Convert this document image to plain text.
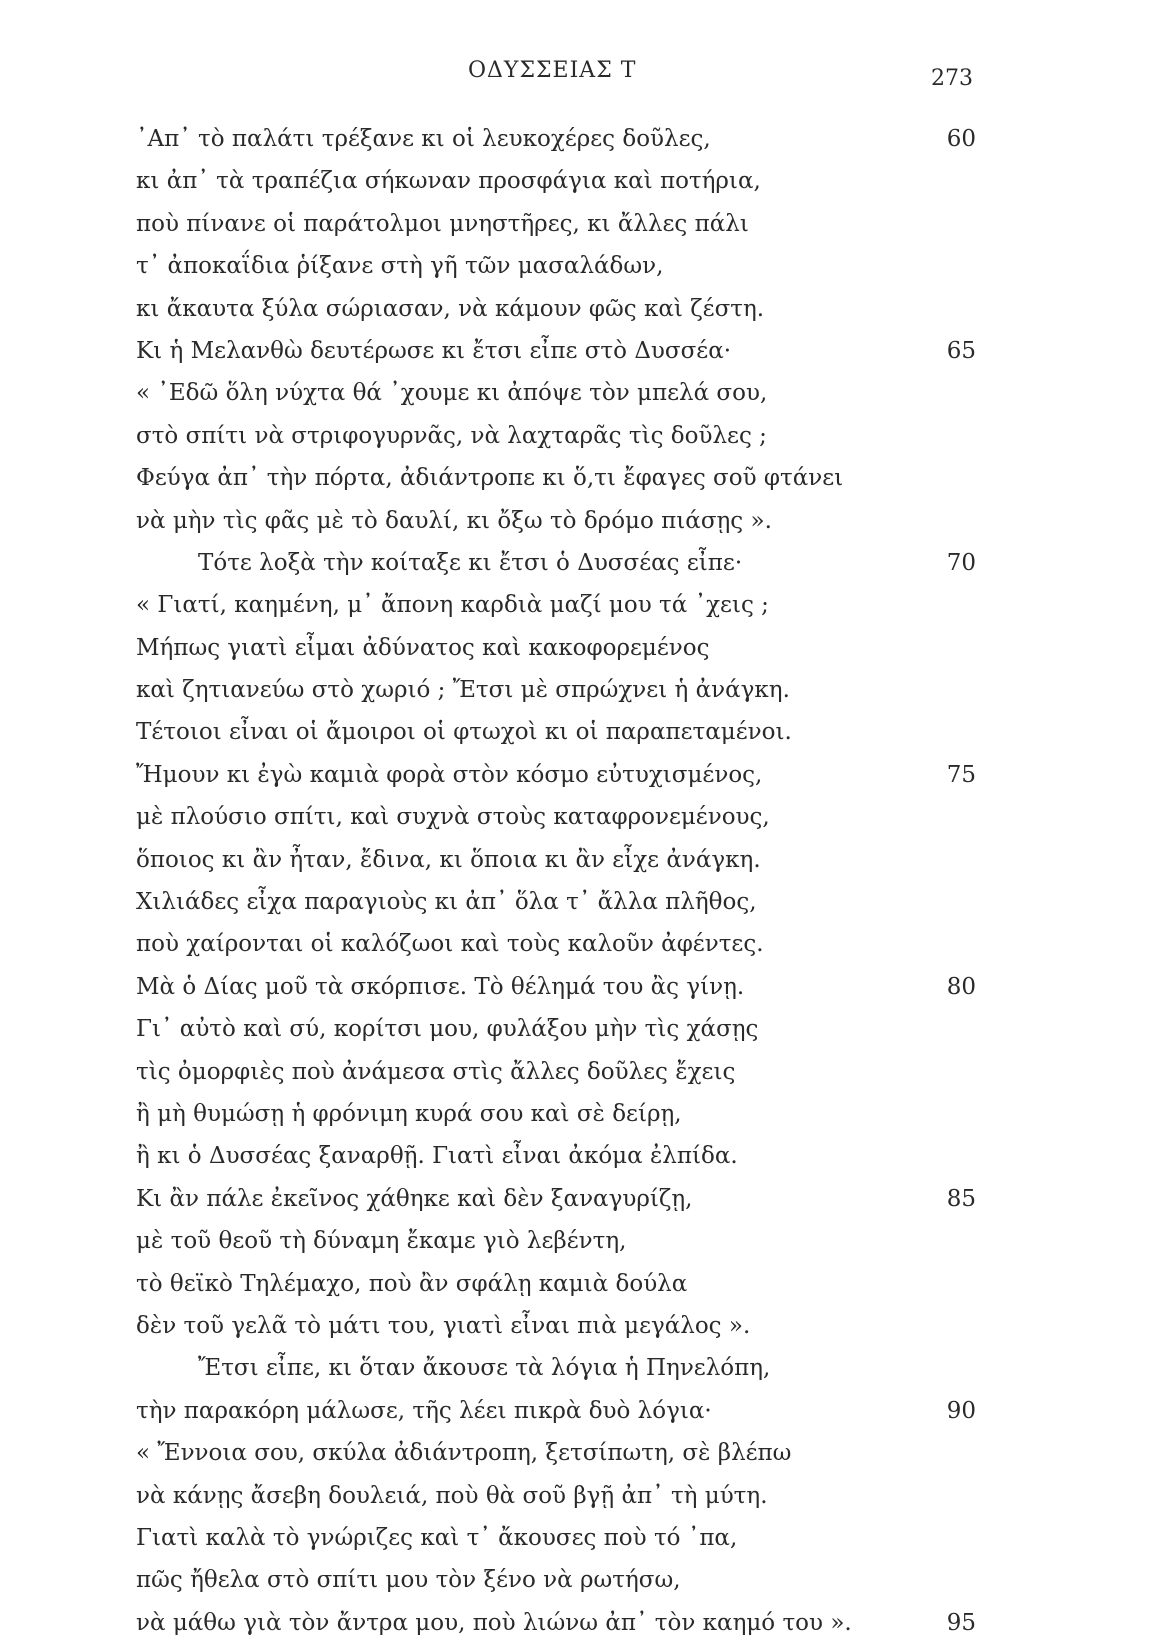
ΟΔΥΣΣΕΙΑΣ Τ	273
᾿Απ᾿ τὸ παλάτι τρέξανε κι οἱ λευκοχέρες δοῦλες,	60
κι ἀπ᾿ τὰ τραπέζια σήκωναν προσφάγια καὶ ποτήρια,
ποὺ πίνανε οἱ παράτολμοι μνηστῆρες, κι ἄλλες πάλι
τ᾿ ἀποκαΐδια ῥίξανε στὴ γῆ τῶν μασαλάδων,
κι ἄκαυτα ξύλα σώριασαν, νὰ κάμουν φῶς καὶ ζέστη.
Κι ἡ Μελανθὼ δευτέρωσε κι ἔτσι εἶπε στὸ Δυσσέα·	65
« ᾿Εδῶ ὅλη νύχτα θά ᾿χουμε κι ἀπόψε τὸν μπελά σου,
στὸ σπίτι νὰ στριφογυρνᾶς, νὰ λαχταρᾶς τὶς δοῦλες ;
Φεύγα ἀπ᾿ τὴν πόρτα, ἀδιάντροπε κι ὅ,τι ἔφαγες σοῦ φτάνει
νὰ μὴν τὶς φᾶς μὲ τὸ δαυλί, κι ὄξω τὸ δρόμο πιάσῃς ».
Τότε λοξὰ τὴν κοίταξε κι ἔτσι ὁ Δυσσέας εἶπε·	70
« Γιατί, καημένη, μ᾿ ἄπονη καρδιὰ μαζί μου τά ᾿χεις ;
Μήπως γιατὶ εἶμαι ἀδύνατος καὶ κακοφορεμένος
καὶ ζητιανεύω στὸ χωριό ; Ἔτσι μὲ σπρώχνει ἡ ἀνάγκη.
Τέτοιοι εἶναι οἱ ἄμοιροι οἱ φτωχοὶ κι οἱ παραπεταμένοι.
Ἤμουν κι ἐγὼ καμιὰ φορὰ στὸν κόσμο εὐτυχισμένος,	75
μὲ πλούσιο σπίτι, καὶ συχνὰ στοὺς καταφρονεμένους,
ὅποιος κι ἂν ἦταν, ἔδινα, κι ὅποια κι ἂν εἶχε ἀνάγκη.
Χιλιάδες εἶχα παραγιοὺς κι ἀπ᾿ ὅλα τ᾿ ἄλλα πλῆθος,
ποὺ χαίρονται οἱ καλόζωοι καὶ τοὺς καλοῦν ἀφέντες.
Μὰ ὁ Δίας μοῦ τὰ σκόρπισε. Τὸ θέλημά του ἂς γίνῃ.	80
Γι᾿ αὐτὸ καὶ σύ, κορίτσι μου, φυλάξου μὴν τὶς χάσῃς
τὶς ὀμορφιὲς ποὺ ἀνάμεσα στὶς ἄλλες δοῦλες ἔχεις
ἢ μὴ θυμώσῃ ἡ φρόνιμη κυρά σου καὶ σὲ δείρῃ,
ἢ κι ὁ Δυσσέας ξαναρθῇ. Γιατὶ εἶναι ἀκόμα ἐλπίδα.
Κι ἂν πάλε ἐκεῖνος χάθηκε καὶ δὲν ξαναγυρίζῃ,	85
μὲ τοῦ θεοῦ τὴ δύναμη ἔκαμε γιὸ λεβέντη,
τὸ θεϊκὸ Τηλέμαχο, ποὺ ἂν σφάλῃ καμιὰ δούλα
δὲν τοῦ γελᾶ τὸ μάτι του, γιατὶ εἶναι πιὰ μεγάλος ».
Ἔτσι εἶπε, κι ὅταν ἄκουσε τὰ λόγια ἡ Πηνελόπη,
τὴν παρακόρη μάλωσε, τῆς λέει πικρὰ δυὸ λόγια·	90
« Ἔννοια σου, σκύλα ἀδιάντροπη, ξετσίπωτη, σὲ βλέπω
νὰ κάνῃς ἄσεβη δουλειά, ποὺ θὰ σοῦ βγῇ ἀπ᾿ τὴ μύτη.
Γιατὶ καλὰ τὸ γνώριζες καὶ τ᾿ ἄκουσες ποὺ τό ᾿πα,
πῶς ἤθελα στὸ σπίτι μου τὸν ξένο νὰ ρωτήσω,
νὰ μάθω γιὰ τὸν ἄντρα μου, ποὺ λιώνω ἀπ᾿ τὸν καημό του ».	95
